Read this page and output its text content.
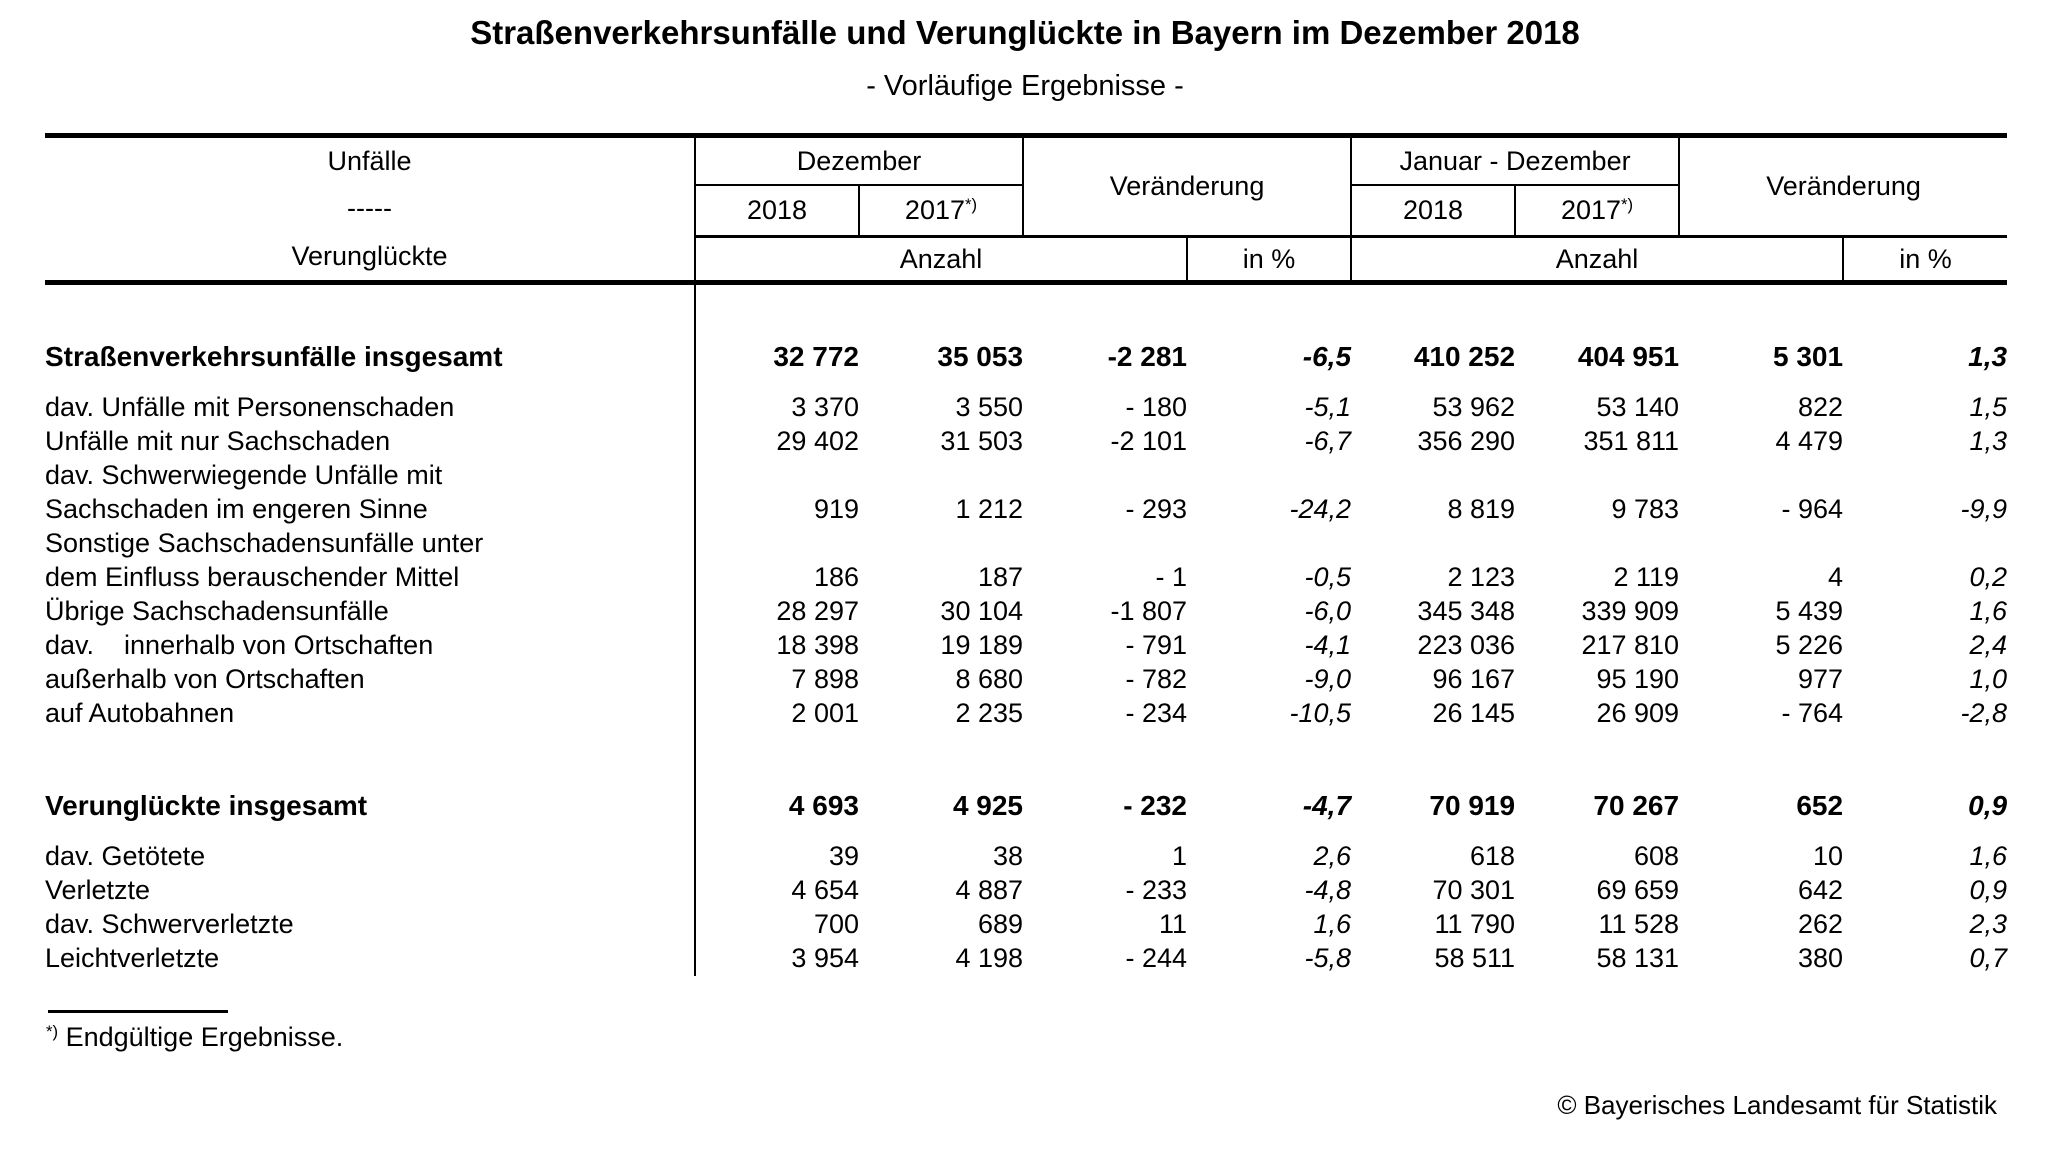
Straßenverkehrsunfälle und Verunglückte in Bayern im Dezember 2018
- Vorläufige Ergebnisse -
Unfälle
-----
Verunglückte	Dezember		Veränderung		Januar - Dezember		Veränderung	
	2018	2017*)			2018	2017*)
	Anzahl			in %	Anzahl			in %

Straßenverkehrsunfälle insgesamt	32 772	35 053	-2 281	-6,5	410 252	404 951	5 301	1,3

dav. Unfälle mit Personenschaden	3 370	3 550	- 180	-5,1	53 962	53 140	822	1,5
Unfälle mit nur Sachschaden	29 402	31 503	-2 101	-6,7	356 290	351 811	4 479	1,3
dav. Schwerwiegende Unfälle mit								
Sachschaden im engeren Sinne	919	1 212	- 293	-24,2	8 819	9 783	- 964	-9,9
Sonstige Sachschadensunfälle unter								
dem Einfluss berauschender Mittel	186	187	- 1	-0,5	2 123	2 119	4	0,2
Übrige Sachschadensunfälle	28 297	30 104	-1 807	-6,0	345 348	339 909	5 439	1,6
dav.    innerhalb von Ortschaften	18 398	19 189	- 791	-4,1	223 036	217 810	5 226	2,4
außerhalb von Ortschaften	7 898	8 680	- 782	-9,0	96 167	95 190	977	1,0
auf Autobahnen	2 001	2 235	- 234	-10,5	26 145	26 909	- 764	-2,8

Verunglückte insgesamt	4 693	4 925	- 232	-4,7	70 919	70 267	652	0,9

dav. Getötete	39	38	1	2,6	618	608	10	1,6
Verletzte	4 654	4 887	- 233	-4,8	70 301	69 659	642	0,9
dav. Schwerverletzte	700	689	11	1,6	11 790	11 528	262	2,3
Leichtverletzte	3 954	4 198	- 244	-5,8	58 511	58 131	380	0,7
*) Endgültige Ergebnisse.
© Bayerisches Landesamt für Statistik
